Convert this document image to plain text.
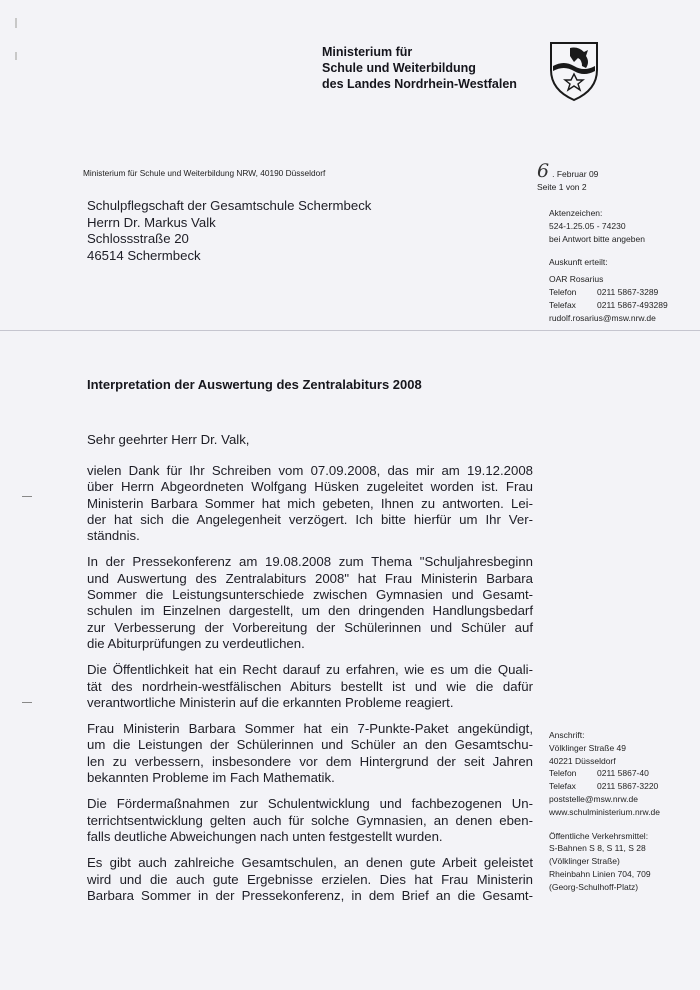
Ministerium für
Schule und Weiterbildung
des Landes Nordrhein-Westfalen
Ministerium für Schule und Weiterbildung NRW, 40190 Düsseldorf	6 . Februar 09
Seite 1 von 2
Schulpflegschaft der Gesamtschule Schermbeck
Herrn Dr. Markus Valk
Schlossstraße 20
46514 Schermbeck
Aktenzeichen:
524-1.25.05 - 74230
bei Antwort bitte angeben
Auskunft erteilt:
OAR Rosarius
Telefon	0211 5867-3289
Telefax	0211 5867-493289
rudolf.rosarius@msw.nrw.de
Interpretation der Auswertung des Zentralabiturs 2008
Sehr geehrter Herr Dr. Valk,

vielen Dank für Ihr Schreiben vom 07.09.2008, das mir am 19.12.2008
über Herrn Abgeordneten Wolfgang Hüsken zugeleitet worden ist. Frau
Ministerin Barbara Sommer hat mich gebeten, Ihnen zu antworten. Lei-
der hat sich die Angelegenheit verzögert. Ich bitte hierfür um Ihr Ver-
ständnis.

In der Pressekonferenz am 19.08.2008 zum Thema "Schuljahresbeginn
und Auswertung des Zentralabiturs 2008" hat Frau Ministerin Barbara
Sommer die Leistungsunterschiede zwischen Gymnasien und Gesamt-
schulen im Einzelnen dargestellt, um den dringenden Handlungsbedarf
zur Verbesserung der Vorbereitung der Schülerinnen und Schüler auf
die Abiturprüfungen zu verdeutlichen.

Die Öffentlichkeit hat ein Recht darauf zu erfahren, wie es um die Quali-
tät des nordrhein-westfälischen Abiturs bestellt ist und wie die dafür
verantwortliche Ministerin auf die erkannten Probleme reagiert.

Frau Ministerin Barbara Sommer hat ein 7-Punkte-Paket angekündigt,
um die Leistungen der Schülerinnen und Schüler an den Gesamtschu-
len zu verbessern, insbesondere vor dem Hintergrund der seit Jahren
bekannten Probleme im Fach Mathematik.

Die Fördermaßnahmen zur Schulentwicklung und fachbezogenen Un-
terrichtsentwicklung gelten auch für solche Gymnasien, an denen eben-
falls deutliche Abweichungen nach unten festgestellt wurden.

Es gibt auch zahlreiche Gesamtschulen, an denen gute Arbeit geleistet
wird und die auch gute Ergebnisse erzielen. Dies hat Frau Ministerin
Barbara Sommer in der Pressekonferenz, in dem Brief an die Gesamt-

Anschrift:
Völklinger Straße 49
40221 Düsseldorf
Telefon	0211 5867-40
Telefax	0211 5867-3220
poststelle@msw.nrw.de
www.schulministerium.nrw.de
Öffentliche Verkehrsmittel:
S-Bahnen S 8, S 11, S 28
(Völklinger Straße)
Rheinbahn Linien 704, 709
(Georg-Schulhoff-Platz)
